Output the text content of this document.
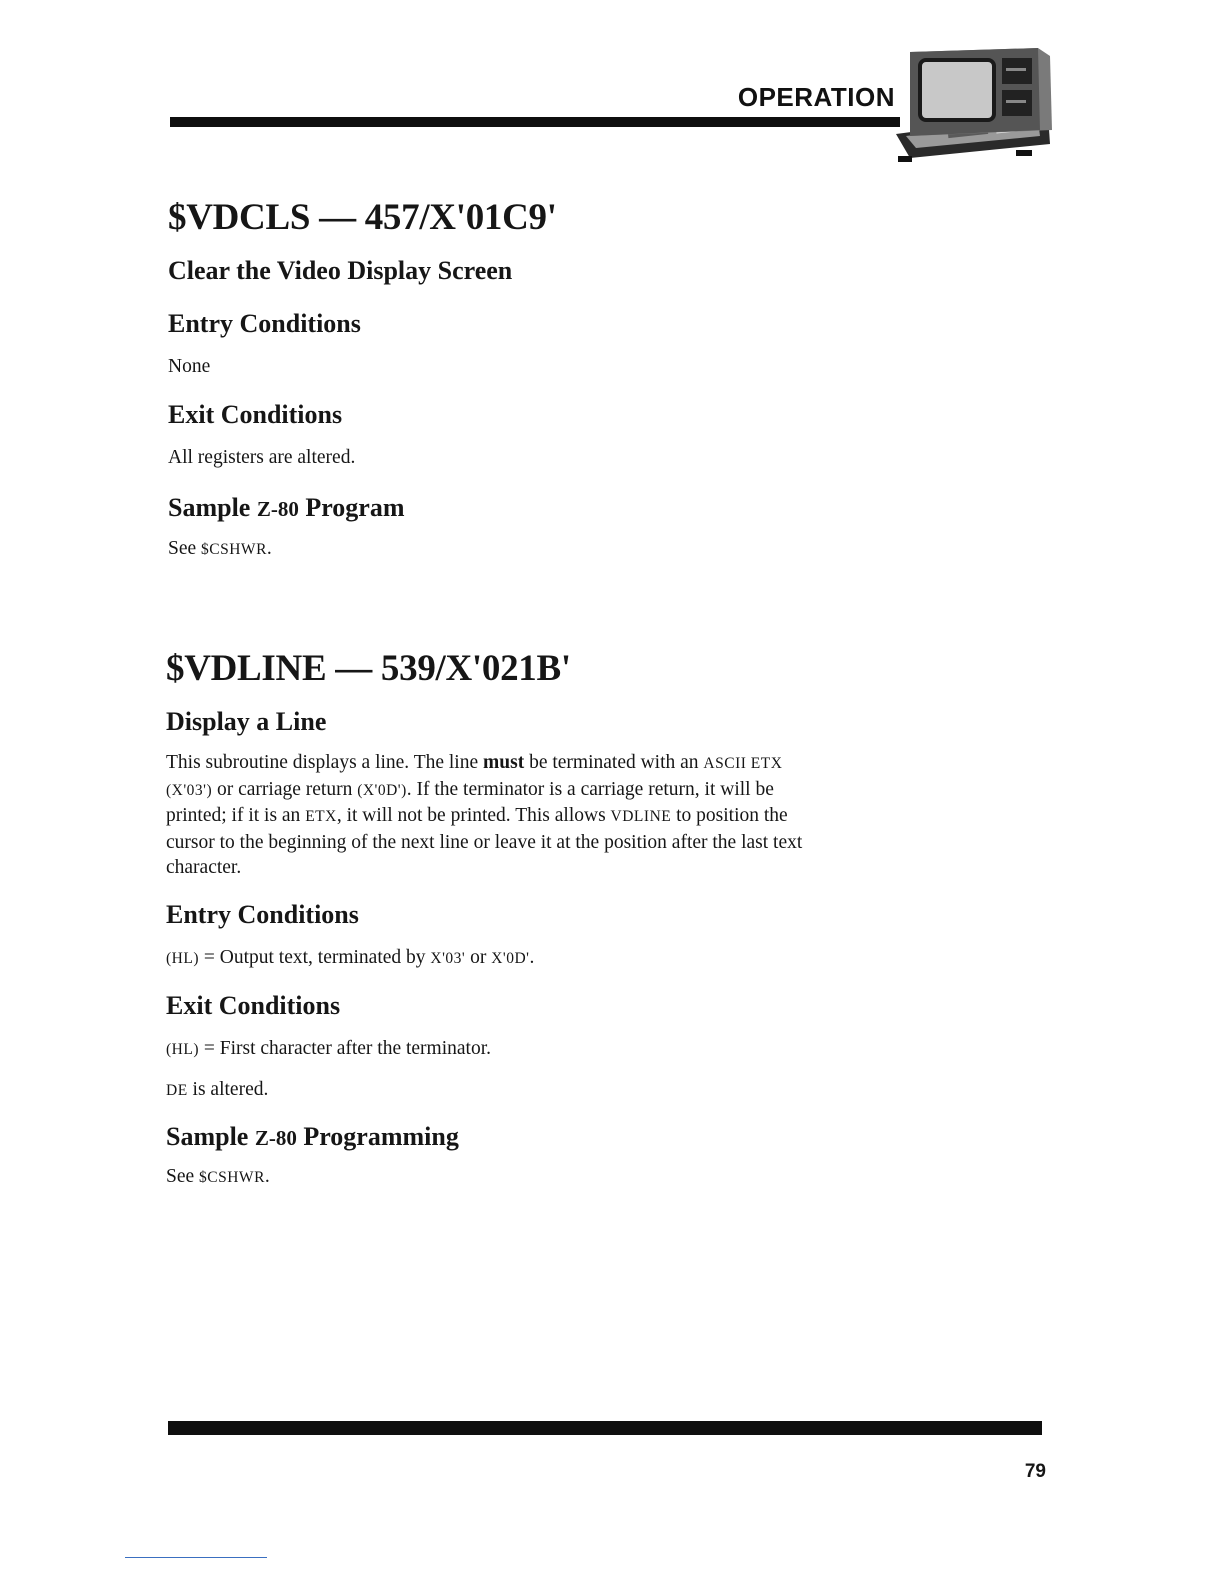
OPERATION
$VDCLS — 457/X'01C9'
Clear the Video Display Screen
Entry Conditions
None
Exit Conditions
All registers are altered.
Sample Z-80 Program
See $CSHWR.
$VDLINE — 539/X'021B'
Display a Line
This subroutine displays a line. The line must be terminated with an ASCII ETX
(X'03') or carriage return (X'0D'). If the terminator is a carriage return, it will be
printed; if it is an ETX, it will not be printed. This allows VDLINE to position the
cursor to the beginning of the next line or leave it at the position after the last text
character.
Entry Conditions
(HL) = Output text, terminated by X'03' or X'0D'.
Exit Conditions
(HL) = First character after the terminator.
DE is altered.
Sample Z-80 Programming
See $CSHWR.
79
